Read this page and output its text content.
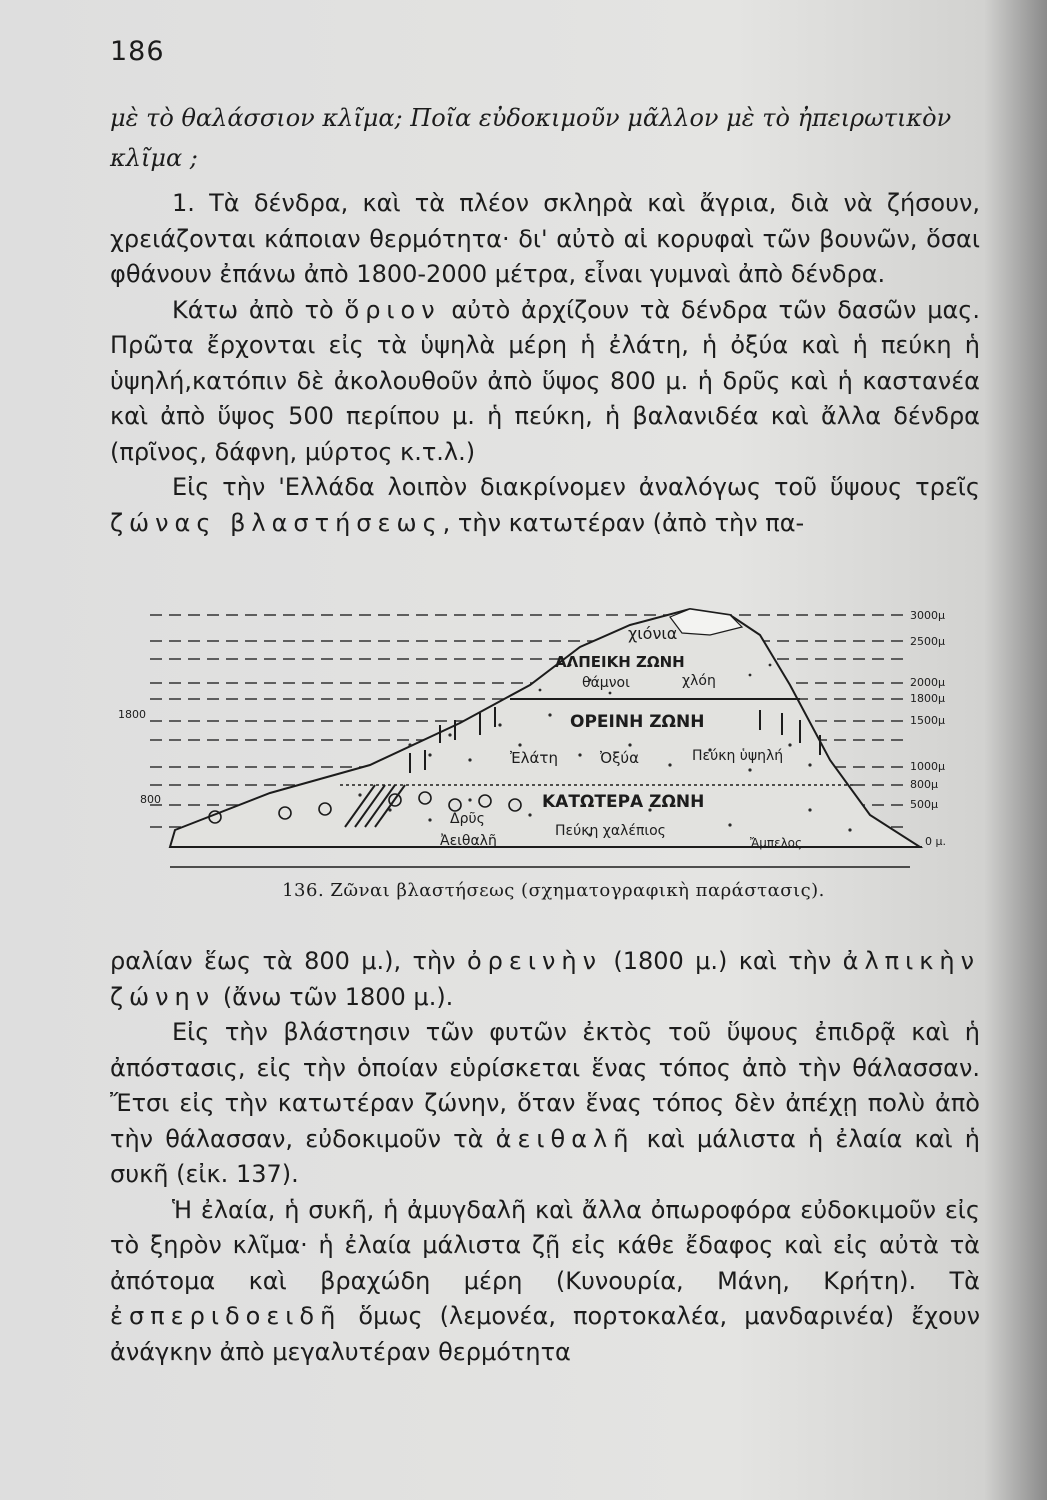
186
μὲ τὸ θαλάσσιον κλῖμα; Ποῖα εὐδοκιμοῦν μᾶλλον μὲ τὸ ἠπειρωτικὸν κλῖμα ;

1. Τὰ δένδρα, καὶ τὰ πλέον σκληρὰ καὶ ἄγρια, διὰ νὰ ζήσουν, χρειάζονται κάποιαν θερμότητα· δι' αὐτὸ αἱ κορυφαὶ τῶν βουνῶν, ὅσαι φθάνουν ἐπάνω ἀπὸ 1800-2000 μέτρα, εἶναι γυμναὶ ἀπὸ δένδρα.

Κάτω ἀπὸ τὸ ὅριον αὐτὸ ἀρχίζουν τὰ δένδρα τῶν δασῶν μας. Πρῶτα ἔρχονται εἰς τὰ ὑψηλὰ μέρη ἡ ἐλάτη, ἡ ὀξύα καὶ ἡ πεύκη ἡ ὑψηλή,κατόπιν δὲ ἀκολουθοῦν ἀπὸ ὕψος 800 μ. ἡ δρῦς καὶ ἡ καστανέα καὶ ἀπὸ ὕψος 500 περίπου μ. ἡ πεύκη, ἡ βαλανιδέα καὶ ἄλλα δένδρα (πρῖνος, δάφνη, μύρτος κ.τ.λ.)

Εἰς τὴν 'Ελλάδα λοιπὸν διακρίνομεν ἀναλόγως τοῦ ὕψους τρεῖς ζώνας βλαστήσεως, τὴν κατωτέραν (ἀπὸ τὴν πα-

χιόνια
ΑΛΠΕΙΚΗ ΖΩΝΗ
θάμνοι	χλόη
ΟΡΕΙΝΗ ΖΩΝΗ
Ἐλάτη	Ὀξύα	Πεύκη ὑψηλή
ΚΑΤΩΤΕΡΑ ΖΩΝΗ
Δρῦς
Ἀειθαλῆ
Πεύκη χαλέπιος
Ἄμπελος
3000μ
2500μ
2000μ
1800μ
1500μ
1000μ
800μ
500μ
0 μ.
1800
800
136. Ζῶναι βλαστήσεως (σχηματογραφικὴ παράστασις).

ραλίαν ἕως τὰ 800 μ.), τὴν ὀρεινὴν (1800 μ.) καὶ τὴν ἀλπικὴν ζώνην (ἄνω τῶν 1800 μ.).

Εἰς τὴν βλάστησιν τῶν φυτῶν ἐκτὸς τοῦ ὕψους ἐπιδρᾷ καὶ ἡ ἀπόστασις, εἰς τὴν ὁποίαν εὑρίσκεται ἕνας τόπος ἀπὸ τὴν θάλασσαν. Ἔτσι εἰς τὴν κατωτέραν ζώνην, ὅταν ἕνας τόπος δὲν ἀπέχῃ πολὺ ἀπὸ τὴν θάλασσαν, εὐδοκιμοῦν τὰ ἀειθαλῆ καὶ μάλιστα ἡ ἐλαία καὶ ἡ συκῆ (εἰκ. 137).

Ἡ ἐλαία, ἡ συκῆ, ἡ ἀμυγδαλῆ καὶ ἄλλα ὀπωροφόρα εὐδοκιμοῦν εἰς τὸ ξηρὸν κλῖμα· ἡ ἐλαία μάλιστα ζῇ εἰς κάθε ἔδαφος καὶ εἰς αὐτὰ τὰ ἀπότομα καὶ βραχώδη μέρη (Κυνουρία, Μάνη, Κρήτη). Τὰ ἐσπεριδοειδῆ ὅμως (λεμονέα, πορτοκαλέα, μανδαρινέα) ἔχουν ἀνάγκην ἀπὸ μεγαλυτέραν θερμότητα
